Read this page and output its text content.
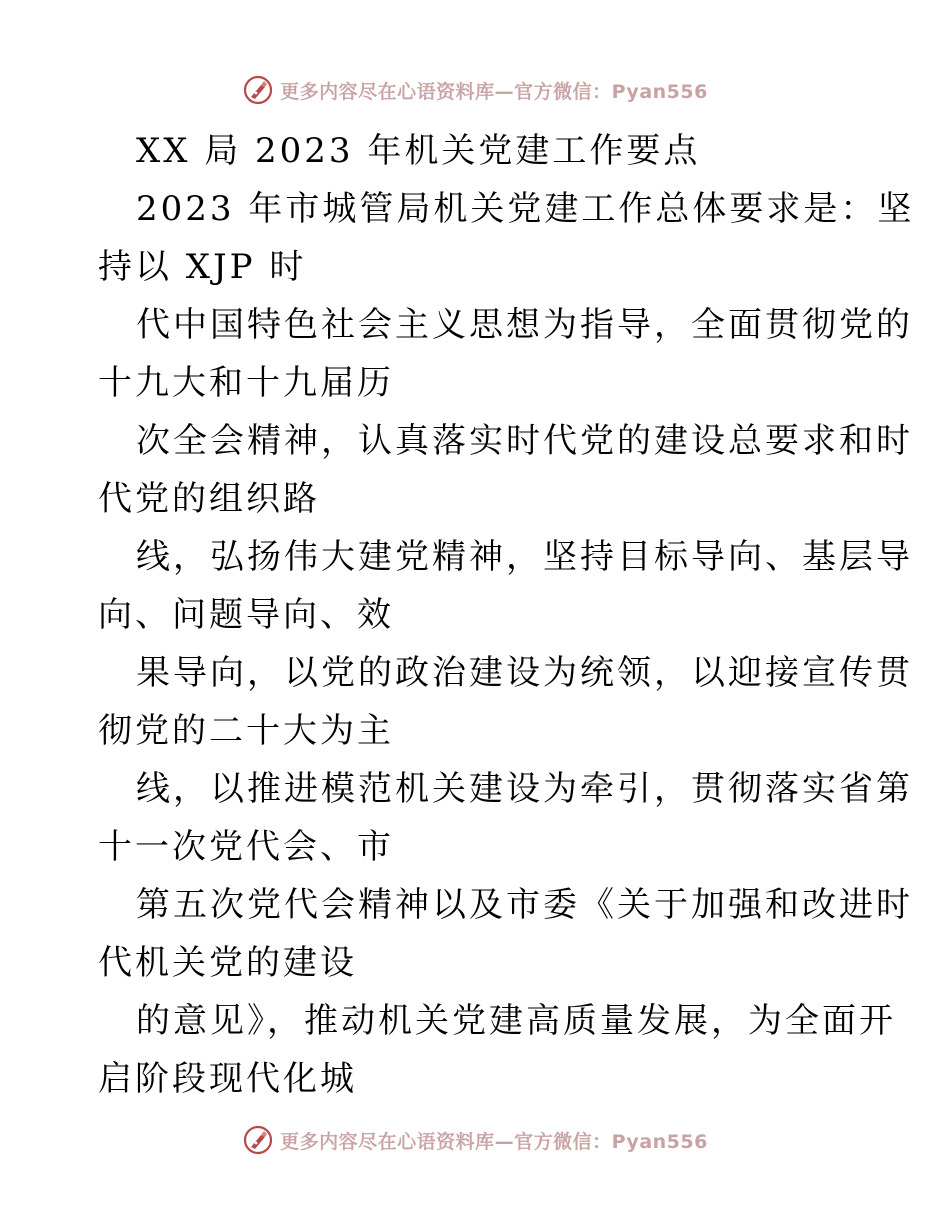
更多内容尽在心语资料库—官方微信：Pyan556
XX 局 2023 年机关党建工作要点
2023 年市城管局机关党建工作总体要求是：坚
持以 XJP 时
代中国特色社会主义思想为指导，全面贯彻党的
十九大和十九届历
次全会精神，认真落实时代党的建设总要求和时
代党的组织路
线，弘扬伟大建党精神，坚持目标导向、基层导
向、问题导向、效
果导向，以党的政治建设为统领，以迎接宣传贯
彻党的二十大为主
线，以推进模范机关建设为牵引，贯彻落实省第
十一次党代会、市
第五次党代会精神以及市委《关于加强和改进时
代机关党的建设
的意见》，推动机关党建高质量发展，为全面开
启阶段现代化城
更多内容尽在心语资料库—官方微信：Pyan556
